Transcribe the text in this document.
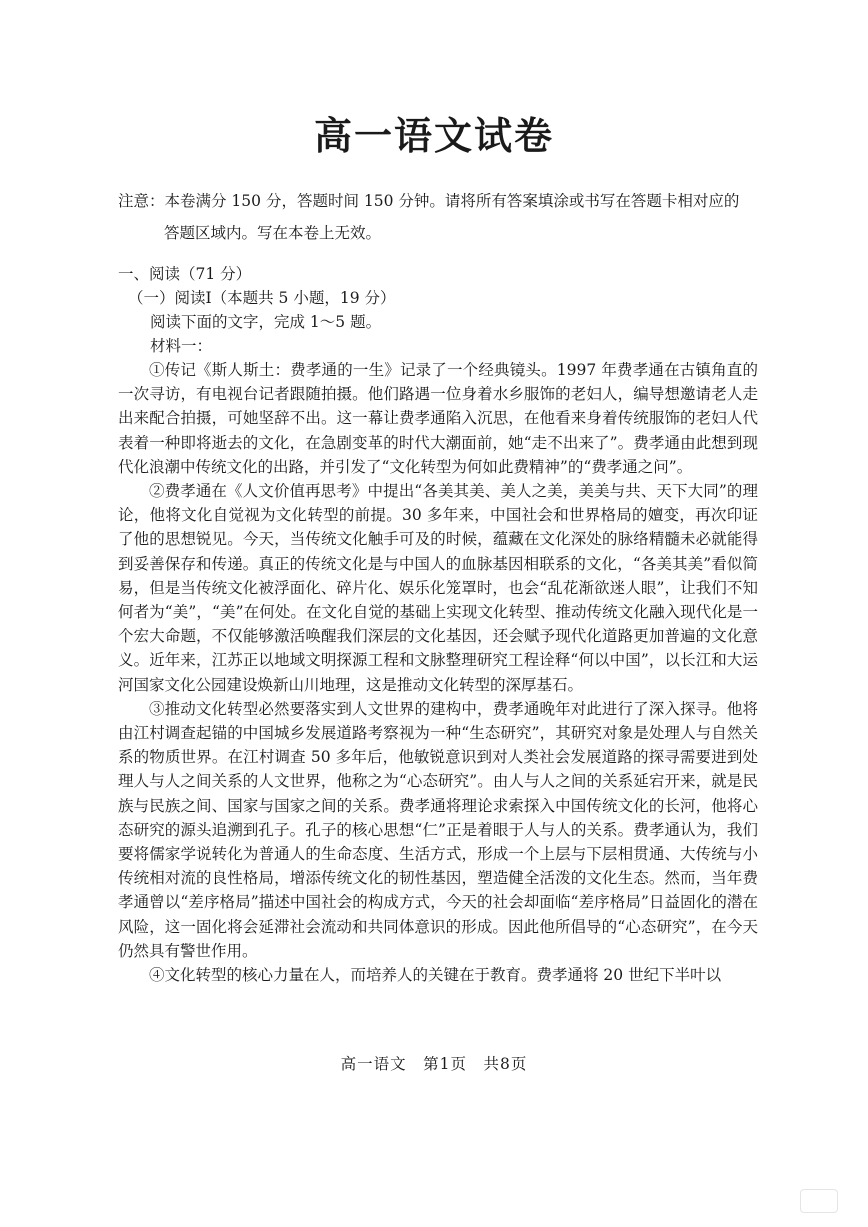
高一语文试卷
注意：本卷满分 150 分，答题时间 150 分钟。请将所有答案填涂或书写在答题卡相对应的
答题区域内。写在本卷上无效。
一、阅读（71 分）
（一）阅读Ⅰ（本题共 5 小题，19 分）
阅读下面的文字，完成 1～5 题。
材料一：

①传记《斯人斯土：费孝通的一生》记录了一个经典镜头。1997 年费孝通在古镇角直的一次寻访，有电视台记者跟随拍摄。他们路遇一位身着水乡服饰的老妇人，编导想邀请老人走出来配合拍摄，可她坚辞不出。这一幕让费孝通陷入沉思，在他看来身着传统服饰的老妇人代表着一种即将逝去的文化，在急剧变革的时代大潮面前，她“走不出来了”。费孝通由此想到现代化浪潮中传统文化的出路，并引发了“文化转型为何如此费精神”的“费孝通之问”。

②费孝通在《人文价值再思考》中提出“各美其美、美人之美，美美与共、天下大同”的理论，他将文化自觉视为文化转型的前提。30 多年来，中国社会和世界格局的嬗变，再次印证了他的思想锐见。今天，当传统文化触手可及的时候，蕴藏在文化深处的脉络精髓未必就能得到妥善保存和传递。真正的传统文化是与中国人的血脉基因相联系的文化，“各美其美”看似简易，但是当传统文化被浮面化、碎片化、娱乐化笼罩时，也会“乱花渐欲迷人眼”，让我们不知何者为“美”，“美”在何处。在文化自觉的基础上实现文化转型、推动传统文化融入现代化是一个宏大命题，不仅能够激活唤醒我们深层的文化基因，还会赋予现代化道路更加普遍的文化意义。近年来，江苏正以地域文明探源工程和文脉整理研究工程诠释“何以中国”，以长江和大运河国家文化公园建设焕新山川地理，这是推动文化转型的深厚基石。

③推动文化转型必然要落实到人文世界的建构中，费孝通晚年对此进行了深入探寻。他将由江村调查起锚的中国城乡发展道路考察视为一种“生态研究”，其研究对象是处理人与自然关系的物质世界。在江村调查 50 多年后，他敏锐意识到对人类社会发展道路的探寻需要进到处理人与人之间关系的人文世界，他称之为“心态研究”。由人与人之间的关系延宕开来，就是民族与民族之间、国家与国家之间的关系。费孝通将理论求索探入中国传统文化的长河，他将心态研究的源头追溯到孔子。孔子的核心思想“仁”正是着眼于人与人的关系。费孝通认为，我们要将儒家学说转化为普通人的生命态度、生活方式，形成一个上层与下层相贯通、大传统与小传统相对流的良性格局，增添传统文化的韧性基因，塑造健全活泼的文化生态。然而，当年费孝通曾以“差序格局”描述中国社会的构成方式，今天的社会却面临“差序格局”日益固化的潜在风险，这一固化将会延滞社会流动和共同体意识的形成。因此他所倡导的“心态研究”，在今天仍然具有警世作用。

④文化转型的核心力量在人，而培养人的关键在于教育。费孝通将 20 世纪下半叶以

高一语文　第1页　共8页
